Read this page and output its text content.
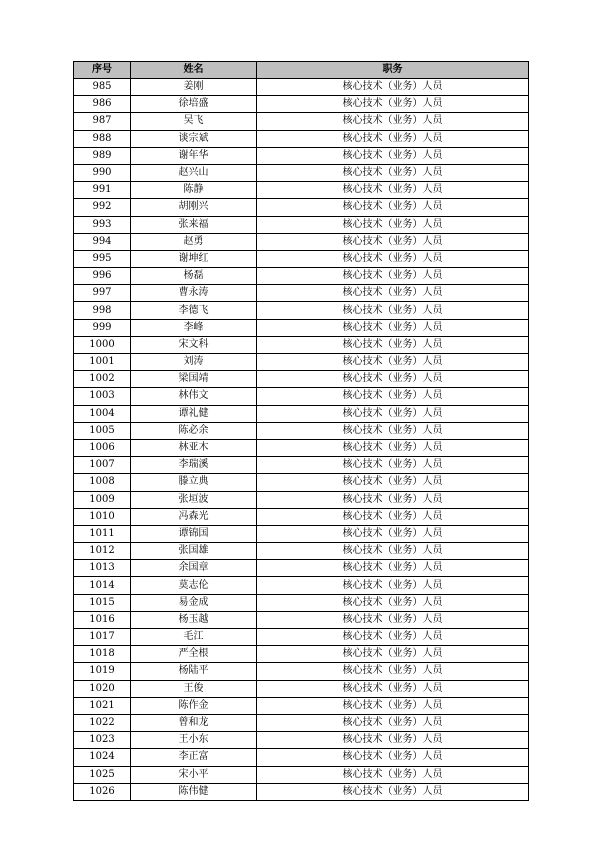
序号	姓名	职务
985	姜刚	核心技术（业务）人员
986	徐培盛	核心技术（业务）人员
987	吴飞	核心技术（业务）人员
988	谈宗斌	核心技术（业务）人员
989	谢年华	核心技术（业务）人员
990	赵兴山	核心技术（业务）人员
991	陈静	核心技术（业务）人员
992	胡刚兴	核心技术（业务）人员
993	张来福	核心技术（业务）人员
994	赵勇	核心技术（业务）人员
995	谢坤红	核心技术（业务）人员
996	杨磊	核心技术（业务）人员
997	曹永涛	核心技术（业务）人员
998	李德飞	核心技术（业务）人员
999	李峰	核心技术（业务）人员
1000	宋文科	核心技术（业务）人员
1001	刘涛	核心技术（业务）人员
1002	梁国靖	核心技术（业务）人员
1003	林伟文	核心技术（业务）人员
1004	谭礼健	核心技术（业务）人员
1005	陈必余	核心技术（业务）人员
1006	林亚木	核心技术（业务）人员
1007	李瑞溪	核心技术（业务）人员
1008	滕立典	核心技术（业务）人员
1009	张垣波	核心技术（业务）人员
1010	冯森光	核心技术（业务）人员
1011	谭锦国	核心技术（业务）人员
1012	张国雄	核心技术（业务）人员
1013	余国章	核心技术（业务）人员
1014	莫志伦	核心技术（业务）人员
1015	易金成	核心技术（业务）人员
1016	杨玉越	核心技术（业务）人员
1017	毛江	核心技术（业务）人员
1018	严全根	核心技术（业务）人员
1019	杨陆平	核心技术（业务）人员
1020	王俊	核心技术（业务）人员
1021	陈作金	核心技术（业务）人员
1022	曾和龙	核心技术（业务）人员
1023	王小东	核心技术（业务）人员
1024	李正富	核心技术（业务）人员
1025	宋小平	核心技术（业务）人员
1026	陈伟健	核心技术（业务）人员
